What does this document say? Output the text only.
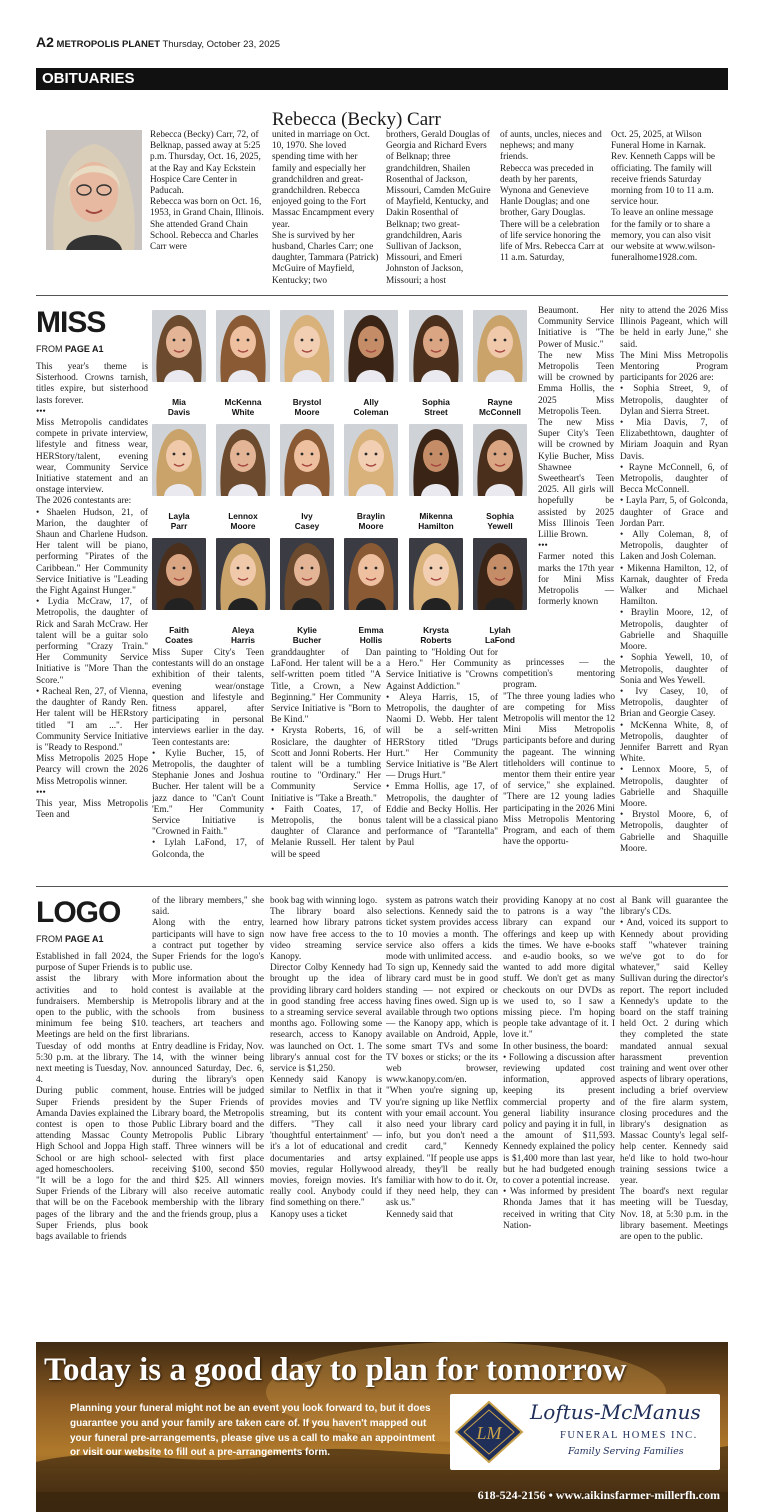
A2 METROPOLIS PLANET Thursday, October 23, 2025
OBITUARIES
Rebecca (Becky) Carr
Rebecca (Becky) Carr, 72, of Belknap, passed away at 5:25 p.m. Thursday, Oct. 16, 2025, at the Ray and Kay Eckstein Hospice Care Center in Paducah.
Rebecca was born on Oct. 16, 1953, in Grand Chain, Illinois. She attended Grand Chain School. Rebecca and Charles Carr were
united in marriage on Oct. 10, 1970. She loved spending time with her family and especially her grandchildren and great-grandchildren. Rebecca enjoyed going to the Fort Massac Encampment every year.
She is survived by her husband, Charles Carr; one daughter, Tammara (Patrick) McGuire of Mayfield, Kentucky; two
brothers, Gerald Douglas of Georgia and Richard Evers of Belknap; three grandchildren, Shailen Rosenthal of Jackson, Missouri, Camden McGuire of Mayfield, Kentucky, and Dakin Rosenthal of Belknap; two great-grandchildren, Aaris Sullivan of Jackson, Missouri, and Emeri Johnston of Jackson, Missouri; a host
of aunts, uncles, nieces and nephews; and many friends.
Rebecca was preceded in death by her parents, Wynona and Genevieve Hanle Douglas; and one brother, Gary Douglas.
There will be a celebration of life service honoring the life of Mrs. Rebecca Carr at 11 a.m. Saturday,
Oct. 25, 2025, at Wilson Funeral Home in Karnak. Rev. Kenneth Capps will be officiating. The family will receive friends Saturday morning from 10 to 11 a.m. service hour.
To leave an online message for the family or to share a memory, you can also visit our website at www.wilson-funeralhome1928.com.
MISS
FROM PAGE A1
This year's theme is Sisterhood. Crowns tarnish, titles expire, but sisterhood lasts forever.
•••
Miss Metropolis candidates compete in private interview, lifestyle and fitness wear, HERStory/talent, evening wear, Community Service Initiative statement and an onstage interview.
The 2026 contestants are:
• Shaelen Hudson, 21, of Marion, the daughter of Shaun and Charlene Hudson. Her talent will be piano, performing "Pirates of the Caribbean." Her Community Service Initiative is "Leading the Fight Against Hunger."
• Lydia McCraw, 17, of Metropolis, the daughter of Rick and Sarah McCraw. Her talent will be a guitar solo performing "Crazy Train." Her Community Service Initiative is "More Than the Score."
• Racheal Ren, 27, of Vienna, the daughter of Randy Ren. Her talent will be HERstory titled "I am ...". Her Community Service Initiative is "Ready to Respond."
Miss Metropolis 2025 Hope Pearcy will crown the 2026 Miss Metropolis winner.
•••
This year, Miss Metropolis Teen and
Mia
Davis
McKenna
White
Brystol
Moore
Ally
Coleman
Sophia
Street
Rayne
McConnell
Layla
Parr
Lennox
Moore
Ivy
Casey
Braylin
Moore
Mikenna
Hamilton
Sophia
Yewell
Faith
Coates
Aleya
Harris
Kylie
Bucher
Emma
Hollis
Krysta
Roberts
Lylah
LaFond
Miss Super City's Teen contestants will do an onstage exhibition of their talents, evening wear/onstage question and lifestyle and fitness apparel, after participating in personal interviews earlier in the day. Teen contestants are:
• Kylie Bucher, 15, of Metropolis, the daughter of Stephanie Jones and Joshua Bucher. Her talent will be a jazz dance to "Can't Count 'Em." Her Community Service Initiative is "Crowned in Faith."
• Lylah LaFond, 17, of Golconda, the
granddaughter of Dan LaFond. Her talent will be a self-written poem titled "A Title, a Crown, a New Beginning." Her Community Service Initiative is "Born to Be Kind."
• Krysta Roberts, 16, of Rosiclare, the daughter of Scott and Jonni Roberts. Her talent will be a tumbling routine to "Ordinary." Her Community Service Initiative is "Take a Breath."
• Faith Coates, 17, of Metropolis, the bonus daughter of Clarance and Melanie Russell. Her talent will be speed
painting to "Holding Out for a Hero." Her Community Service Initiative is "Crowns Against Addiction."
• Aleya Harris, 15, of Metropolis, the daughter of Naomi D. Webb. Her talent will be a self-written HERStory titled "Drugs Hurt." Her Community Service Initiative is "Be Alert — Drugs Hurt."
• Emma Hollis, age 17, of Metropolis, the daughter of Eddie and Becky Hollis. Her talent will be a classical piano performance of "Tarantella" by Paul
Beaumont. Her Community Service Initiative is "The Power of Music."
The new Miss Metropolis Teen will be crowned by Emma Hollis, the 2025 Miss Metropolis Teen.
The new Miss Super City's Teen will be crowned by Kylie Bucher, Miss Shawnee Sweetheart's Teen 2025. All girls will hopefully be assisted by 2025 Miss Illinois Teen Lillie Brown.
•••
Farmer noted this marks the 17th year for Mini Miss Metropolis — formerly known
as princesses — the competition's mentoring program.
"The three young ladies who are competing for Miss Metropolis will mentor the 12 Mini Miss Metropolis participants before and during the pageant. The winning titleholders will continue to mentor them their entire year of service," she explained. "There are 12 young ladies participating in the 2026 Mini Miss Metropolis Mentoring Program, and each of them have the opportu-
nity to attend the 2026 Miss Illinois Pageant, which will be held in early June," she said.
The Mini Miss Metropolis Mentoring Program participants for 2026 are:
• Sophia Street, 9, of Metropolis, daughter of Dylan and Sierra Street.
• Mia Davis, 7, of Elizabethtown, daughter of Miriam Joaquin and Ryan Davis.
• Rayne McConnell, 6, of Metropolis, daughter of Becca McConnell.
• Layla Parr, 5, of Golconda, daughter of Grace and Jordan Parr.
• Ally Coleman, 8, of Metropolis, daughter of Laken and Josh Coleman.
• Mikenna Hamilton, 12, of Karnak, daughter of Freda Walker and Michael Hamilton.
• Braylin Moore, 12, of Metropolis, daughter of Gabrielle and Shaquille Moore.
• Sophia Yewell, 10, of Metropolis, daughter of Sonia and Wes Yewell.
• Ivy Casey, 10, of Metropolis, daughter of Brian and Georgie Casey.
• McKenna White, 8, of Metropolis, daughter of Jennifer Barrett and Ryan White.
• Lennox Moore, 5, of Metropolis, daughter of Gabrielle and Shaquille Moore.
• Brystol Moore, 6, of Metropolis, daughter of Gabrielle and Shaquille Moore.
LOGO
FROM PAGE A1
Established in fall 2024, the purpose of Super Friends is to assist the library with activities and to hold fundraisers. Membership is open to the public, with the minimum fee being $10. Meetings are held on the first Tuesday of odd months at 5:30 p.m. at the library. The next meeting is Tuesday, Nov. 4.
During public comment, Super Friends president Amanda Davies explained the contest is open to those attending Massac County High School and Joppa High School or are high school-aged homeschoolers.
"It will be a logo for the Super Friends of the Library that will be on the Facebook pages of the library and the Super Friends, plus book bags available to friends
of the library members," she said.
Along with the entry, participants will have to sign a contract put together by Super Friends for the logo's public use.
More information about the contest is available at the Metropolis library and at the schools from business teachers, art teachers and librarians.
Entry deadline is Friday, Nov. 14, with the winner being announced Saturday, Dec. 6, during the library's open house. Entries will be judged by the Super Friends of Library board, the Metropolis Public Library board and the Metropolis Public Library staff. Three winners will be selected with first place receiving $100, second $50 and third $25. All winners will also receive automatic membership with the library and the friends group, plus a
book bag with winning logo.
The library board also learned how library patrons now have free access to the video streaming service Kanopy.
Director Colby Kennedy had brought up the idea of providing library card holders in good standing free access to a streaming service several months ago. Following some research, access to Kanopy was launched on Oct. 1. The library's annual cost for the service is $1,250.
Kennedy said Kanopy is similar to Netflix in that it provides movies and TV streaming, but its content differs. "They call it 'thoughtful entertainment' — it's a lot of educational and documentaries and artsy movies, regular Hollywood movies, foreign movies. It's really cool. Anybody could find something on there."
Kanopy uses a ticket
system as patrons watch their selections. Kennedy said the ticket system provides access to 10 movies a month. The service also offers a kids mode with unlimited access.
To sign up, Kennedy said the library card must be in good standing — not expired or having fines owed. Sign up is available through two options — the Kanopy app, which is available on Android, Apple, some smart TVs and some TV boxes or sticks; or the its web browser, www.kanopy.com/en.
"When you're signing up, you're signing up like Netflix with your email account. You also need your library card info, but you don't need a credit card," Kennedy explained. "If people use apps already, they'll be really familiar with how to do it. Or, if they need help, they can ask us."
Kennedy said that
providing Kanopy at no cost to patrons is a way "the library can expand our offerings and keep up with the times. We have e-books and e-audio books, so we wanted to add more digital stuff. We don't get as many checkouts on our DVDs as we used to, so I saw a missing piece. I'm hoping people take advantage of it. I love it."
In other business, the board:
• Following a discussion after reviewing updated cost information, approved keeping its present commercial property and general liability insurance policy and paying it in full, in the amount of $11,593. Kennedy explained the policy is $1,400 more than last year, but he had budgeted enough to cover a potential increase.
• Was informed by president Rhonda James that it has received in writing that City Nation-
al Bank will guarantee the library's CDs.
• And, voiced its support to Kennedy about providing staff "whatever training we've got to do for whatever," said Kelley Sullivan during the director's report. The report included Kennedy's update to the board on the staff training held Oct. 2 during which they completed the state mandated annual sexual harassment prevention training and went over other aspects of library operations, including a brief overview of the fire alarm system, closing procedures and the library's designation as Massac County's legal self-help center. Kennedy said he'd like to hold two-hour training sessions twice a year.
The board's next regular meeting will be Tuesday, Nov. 18, at 5:30 p.m. in the library basement. Meetings are open to the public.
Today is a good day to plan for tomorrow
Planning your funeral might not be an event you look forward to, but it does guarantee you and your family are taken care of. If you haven't mapped out your funeral pre-arrangements, please give us a call to make an appointment or visit our website to fill out a pre-arrangements form.
LM
Loftus-McManus
FUNERAL HOMES INC.
Family Serving Families
618-524-2156 • www.aikinsfarmer-millerfh.com
